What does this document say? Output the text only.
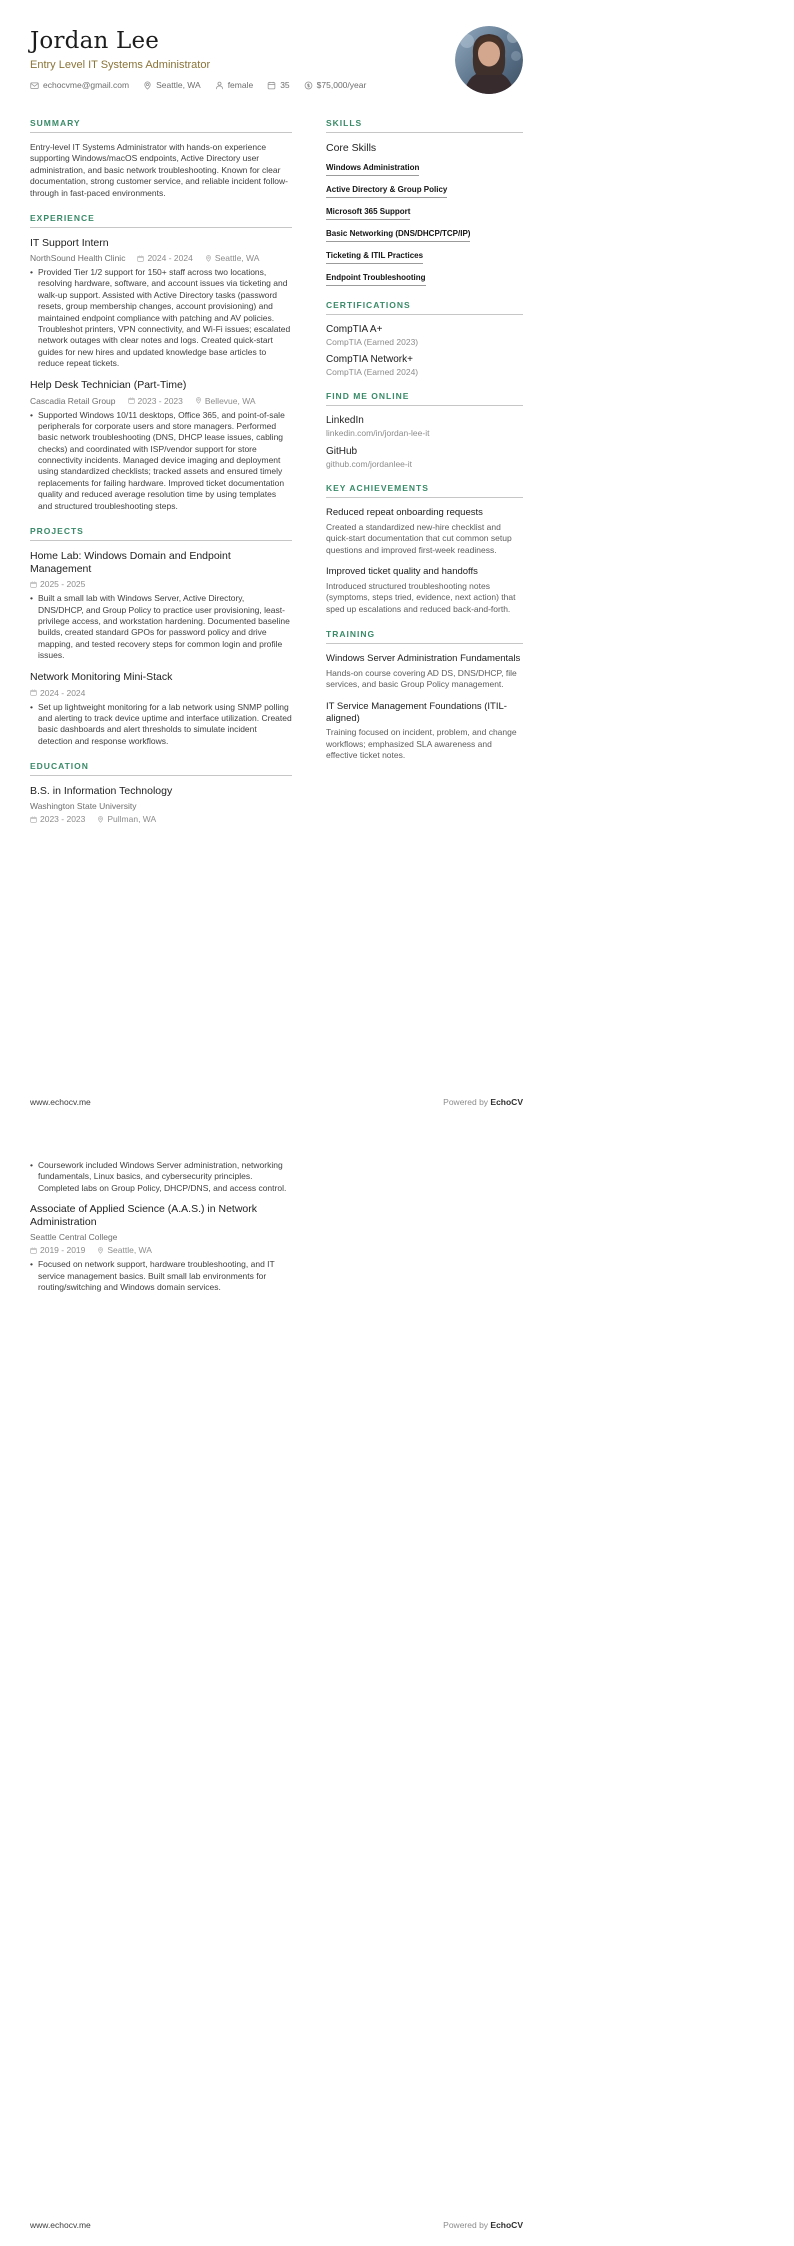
Jordan Lee
Entry Level IT Systems Administrator
echocvme@gmail.com	Seattle, WA	female	35	$75,000/year
SUMMARY

Entry-level IT Systems Administrator with hands-on experience supporting Windows/macOS endpoints, Active Directory user administration, and basic network troubleshooting. Known for clear documentation, strong customer service, and reliable incident follow-through in fast-paced environments.

EXPERIENCE
IT Support Intern
NorthSound Health Clinic	2024 - 2024	Seattle, WA
• Provided Tier 1/2 support for 150+ staff across two locations, resolving hardware, software, and account issues via ticketing and walk-up support. Assisted with Active Directory tasks (password resets, group membership changes, account provisioning) and maintained endpoint compliance with patching and AV policies. Troubleshot printers, VPN connectivity, and Wi-Fi issues; escalated network outages with clear notes and logs. Created quick-start guides for new hires and updated knowledge base articles to reduce repeat tickets.

Help Desk Technician (Part-Time)
Cascadia Retail Group	2023 - 2023	Bellevue, WA
• Supported Windows 10/11 desktops, Office 365, and point-of-sale peripherals for corporate users and store managers. Performed basic network troubleshooting (DNS, DHCP lease issues, cabling checks) and coordinated with ISP/vendor support for store connectivity incidents. Managed device imaging and deployment using standardized checklists; tracked assets and ensured timely replacements for failing hardware. Improved ticket documentation quality and reduced average resolution time by using templates and structured troubleshooting steps.

PROJECTS
Home Lab: Windows Domain and Endpoint Management
2025 - 2025
• Built a small lab with Windows Server, Active Directory, DNS/DHCP, and Group Policy to practice user provisioning, least-privilege access, and workstation hardening. Documented baseline builds, created standard GPOs for password policy and drive mapping, and tested recovery steps for common login and profile issues.

Network Monitoring Mini-Stack
2024 - 2024
• Set up lightweight monitoring for a lab network using SNMP polling and alerting to track device uptime and interface utilization. Created basic dashboards and alert thresholds to simulate incident detection and response workflows.

EDUCATION
B.S. in Information Technology
Washington State University
2023 - 2023	Pullman, WA
SKILLS
Core Skills
Windows Administration
Active Directory & Group Policy
Microsoft 365 Support
Basic Networking (DNS/DHCP/TCP/IP)
Ticketing & ITIL Practices
Endpoint Troubleshooting
CERTIFICATIONS
CompTIA A+
CompTIA (Earned 2023)
CompTIA Network+
CompTIA (Earned 2024)
FIND ME ONLINE
LinkedIn
linkedin.com/in/jordan-lee-it
GitHub
github.com/jordanlee-it
KEY ACHIEVEMENTS
Reduced repeat onboarding requests

Created a standardized new-hire checklist and quick-start documentation that cut common setup questions and improved first-week readiness.

Improved ticket quality and handoffs

Introduced structured troubleshooting notes (symptoms, steps tried, evidence, next action) that sped up escalations and reduced back-and-forth.

TRAINING
Windows Server Administration Fundamentals

Hands-on course covering AD DS, DNS/DHCP, file services, and basic Group Policy management.

IT Service Management Foundations (ITIL-aligned)

Training focused on incident, problem, and change workflows; emphasized SLA awareness and effective ticket notes.

www.echocv.me	Powered by EchoCV
• Coursework included Windows Server administration, networking fundamentals, Linux basics, and cybersecurity principles. Completed labs on Group Policy, DHCP/DNS, and access control.

Associate of Applied Science (A.A.S.) in Network Administration
Seattle Central College
2019 - 2019	Seattle, WA
• Focused on network support, hardware troubleshooting, and IT service management basics. Built small lab environments for routing/switching and Windows domain services.

www.echocv.me	Powered by EchoCV
